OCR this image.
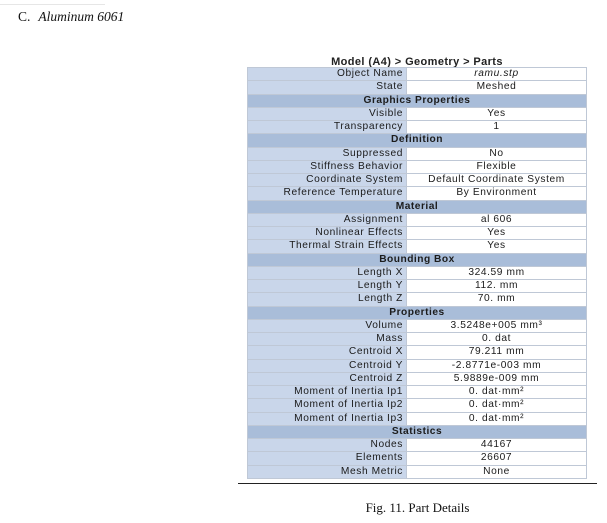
C. Aluminum 6061
Model (A4) > Geometry > Parts
Object Name	ramu.stp
State	Meshed
Graphics Properties	
Visible	Yes
Transparency	1
Definition	
Suppressed	No
Stiffness Behavior	Flexible
Coordinate System	Default Coordinate System
Reference Temperature	By Environment
Material	
Assignment	al 606
Nonlinear Effects	Yes
Thermal Strain Effects	Yes
Bounding Box	
Length X	324.59 mm
Length Y	112. mm
Length Z	70. mm
Properties	
Volume	3.5248e+005 mm³
Mass	0. dat
Centroid X	79.211 mm
Centroid Y	-2.8771e-003 mm
Centroid Z	5.9889e-009 mm
Moment of Inertia Ip1	0. dat·mm²
Moment of Inertia Ip2	0. dat·mm²
Moment of Inertia Ip3	0. dat·mm²
Statistics	
Nodes	44167
Elements	26607
Mesh Metric	None
Fig. 11. Part Details
